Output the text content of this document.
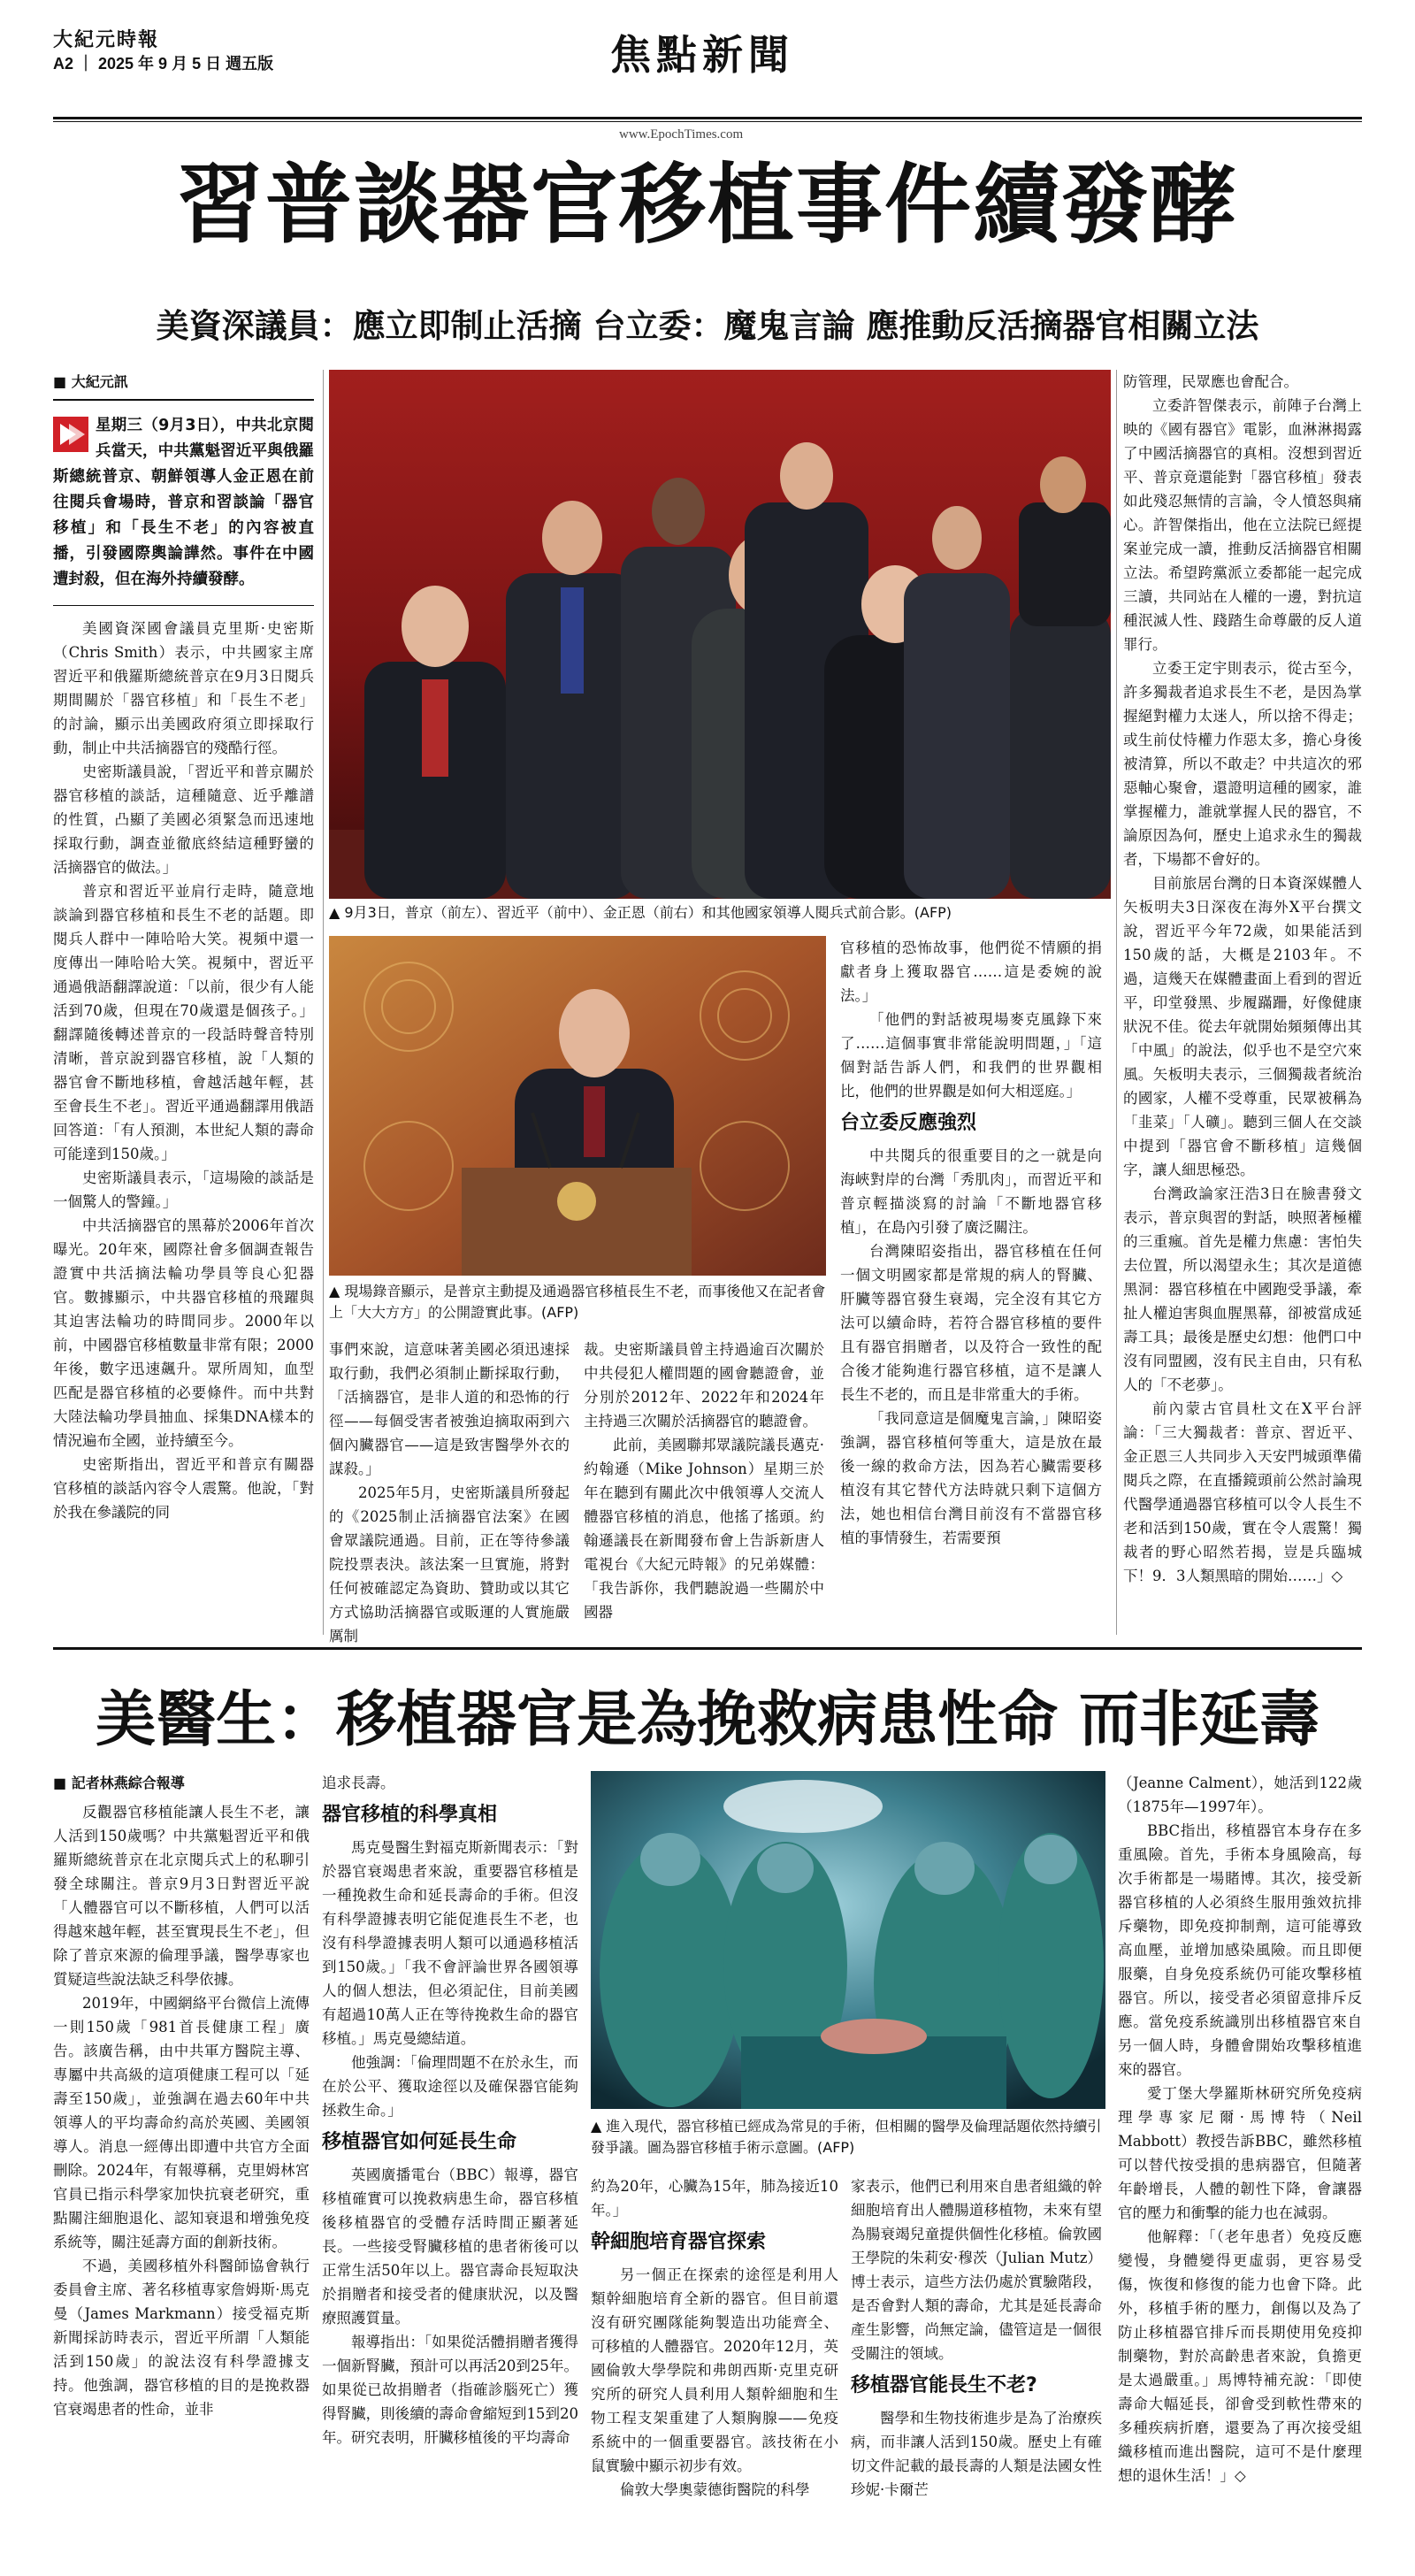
大紀元時報
A2 ｜ 2025 年 9 月 5 日 週五版	焦點新聞
www.EpochTimes.com
習普談器官移植事件續發酵
美資深議員：應立即制止活摘 台立委：魔鬼言論 應推動反活摘器官相關立法
■ 大紀元訊
星期三（9月3日），中共北京閱兵當天，中共黨魁習近平與俄羅斯總統普京、朝鮮領導人金正恩在前往閱兵會場時，普京和習談論「器官移植」和「長生不老」的內容被直播，引發國際輿論譁然。事件在中國遭封殺，但在海外持續發酵。

美國資深國會議員克里斯·史密斯（Chris Smith）表示，中共國家主席習近平和俄羅斯總統普京在9月3日閱兵期間關於「器官移植」和「長生不老」的討論，顯示出美國政府須立即採取行動，制止中共活摘器官的殘酷行徑。

史密斯議員說，「習近平和普京關於器官移植的談話，這種隨意、近乎離譜的性質，凸顯了美國必須緊急而迅速地採取行動，調查並徹底終結這種野蠻的活摘器官的做法。」

普京和習近平並肩行走時，隨意地談論到器官移植和長生不老的話題。即閱兵人群中一陣哈哈大笑。視頻中還一度傳出一陣哈哈大笑。視頻中，習近平通過俄語翻譯說道：「以前，很少有人能活到70歲，但現在70歲還是個孩子。」翻譯隨後轉述普京的一段話時聲音特別清晰，普京說到器官移植，說「人類的器官會不斷地移植，會越活越年輕，甚至會長生不老」。習近平通過翻譯用俄語回答道：「有人預測，本世紀人類的壽命可能達到150歲。」

史密斯議員表示，「這場險的談話是一個驚人的警鐘。」

中共活摘器官的黑幕於2006年首次曝光。20年來，國際社會多個調查報告證實中共活摘法輪功學員等良心犯器官。數據顯示，中共器官移植的飛躍與其迫害法輪功的時間同步。2000年以前，中國器官移植數量非常有限；2000年後，數字迅速飆升。眾所周知，血型匹配是器官移植的必要條件。而中共對大陸法輪功學員抽血、採集DNA樣本的情況遍布全國，並持續至今。

史密斯指出，習近平和普京有關器官移植的談話內容令人震驚。他說，「對於我在參議院的同

▲ 9月3日，普京（前左）、習近平（前中）、金正恩（前右）和其他國家領導人閱兵式前合影。(AFP)
▲ 現場錄音顯示，是普京主動提及通過器官移植長生不老，而事後他又在記者會上「大大方方」的公開證實此事。(AFP)

事們來說，這意味著美國必須迅速採取行動，我們必須制止斷採取行動，「活摘器官，是非人道的和恐怖的行徑——每個受害者被強迫摘取兩到六個內臟器官——這是致害醫學外衣的謀殺。」

2025年5月，史密斯議員所發起的《2025制止活摘器官法案》在國會眾議院通過。目前，正在等待參議院投票表決。該法案一旦實施，將對任何被確認定為資助、贊助或以其它方式協助活摘器官或販運的人實施嚴厲制

裁。史密斯議員曾主持過逾百次關於中共侵犯人權問題的國會聽證會，並分別於2012年、2022年和2024年主持過三次關於活摘器官的聽證會。

此前，美國聯邦眾議院議長邁克·約翰遜（Mike Johnson）星期三於年在聽到有關此次中俄領導人交流人體器官移植的消息，他搖了搖頭。約翰遜議長在新聞發布會上告訴新唐人電視台《大紀元時報》的兄弟媒體：「我告訴你，我們聽說過一些關於中國器

官移植的恐怖故事，他們從不情願的捐獻者身上獲取器官……這是委婉的說法。」

「他們的對話被現場麥克風錄下來了……這個事實非常能說明問題，」「這個對話告訴人們，和我們的世界觀相比，他們的世界觀是如何大相逕庭。」

台立委反應強烈

中共閱兵的很重要目的之一就是向海峽對岸的台灣「秀肌肉」，而習近平和普京輕描淡寫的討論「不斷地器官移植」，在島內引發了廣泛關注。

台灣陳昭姿指出，器官移植在任何一個文明國家都是常規的病人的腎臟、肝臟等器官發生衰竭，完全沒有其它方法可以續命時，若符合器官移植的要件且有器官捐贈者，以及符合一致性的配合後才能夠進行器官移植，這不是讓人長生不老的，而且是非常重大的手術。

「我同意這是個魔鬼言論，」陳昭姿強調，器官移植何等重大，這是放在最後一線的救命方法，因為若心臟需要移植沒有其它替代方法時就只剩下這個方法，她也相信台灣目前沒有不當器官移植的事情發生，若需要預

防管理，民眾應也會配合。

立委許智傑表示，前陣子台灣上映的《國有器官》電影，血淋淋揭露了中國活摘器官的真相。沒想到習近平、普京竟還能對「器官移植」發表如此殘忍無情的言論，令人憤怒與痛心。許智傑指出，他在立法院已經提案並完成一讀，推動反活摘器官相關立法。希望跨黨派立委都能一起完成三讀，共同站在人權的一邊，對抗這種泯滅人性、踐踏生命尊嚴的反人道罪行。

立委王定宇則表示，從古至今，許多獨裁者追求長生不老，是因為掌握絕對權力太迷人，所以捨不得走；或生前仗恃權力作惡太多，擔心身後被清算，所以不敢走？中共這次的邪惡軸心聚會，還證明這種的國家，誰掌握權力，誰就掌握人民的器官，不論原因為何，歷史上追求永生的獨裁者，下場都不會好的。

目前旅居台灣的日本資深媒體人矢板明夫3日深夜在海外X平台撰文說，習近平今年72歲，如果能活到150歲的話，大概是2103年。不過，這幾天在媒體畫面上看到的習近平，印堂發黑、步履蹣跚，好像健康狀況不佳。從去年就開始頻頻傳出其「中風」的說法，似乎也不是空穴來風。矢板明夫表示，三個獨裁者統治的國家，人權不受尊重，民眾被稱為「韭菜」「人礦」。聽到三個人在交談中提到「器官會不斷移植」這幾個字，讓人細思極恐。

台灣政論家汪浩3日在臉書發文表示，普京與習的對話，映照著極權的三重瘋。首先是權力焦慮：害怕失去位置，所以渴望永生；其次是道德黑洞：器官移植在中國跑受爭議，牽扯人權迫害與血腥黑幕，卻被當成延壽工具；最後是歷史幻想：他們口中沒有同盟國，沒有民主自由，只有私人的「不老夢」。

前內蒙古官員杜文在X平台評論：「三大獨裁者：普京、習近平、金正恩三人共同步入天安門城頭準備閱兵之際，在直播鏡頭前公然討論現代醫學通過器官移植可以令人長生不老和活到150歲，實在令人震驚！獨裁者的野心昭然若揭，豈是兵臨城下！9．3人類黑暗的開始……」◇

美醫生：移植器官是為挽救病患性命 而非延壽
■ 記者林燕綜合報導

反觀器官移植能讓人長生不老，讓人活到150歲嗎？中共黨魁習近平和俄羅斯總統普京在北京閱兵式上的私聊引發全球關注。普京9月3日對習近平說「人體器官可以不斷移植，人們可以活得越來越年輕，甚至實現長生不老」，但除了普京來源的倫理爭議，醫學專家也質疑這些說法缺乏科學依據。

2019年，中國網絡平台微信上流傳一則150歲「981首長健康工程」廣告。該廣告稱，由中共軍方醫院主導、專屬中共高級的這項健康工程可以「延壽至150歲」，並強調在過去60年中共領導人的平均壽命約高於英國、美國領導人。消息一經傳出即遭中共官方全面刪除。2024年，有報導稱，克里姆林宮官員已指示科學家加快抗衰老研究，重點關注細胞退化、認知衰退和增強免疫系統等，關注延壽方面的創新技術。

不過，美國移植外科醫師協會執行委員會主席、著名移植專家詹姆斯·馬克曼（James Markmann）接受福克斯新聞採訪時表示，習近平所謂「人類能活到150歲」的說法沒有科學證據支持。他強調，器官移植的目的是挽救器官衰竭患者的性命，並非

追求長壽。

器官移植的科學真相

馬克曼醫生對福克斯新聞表示：「對於器官衰竭患者來說，重要器官移植是一種挽救生命和延長壽命的手術。但沒有科學證據表明它能促進長生不老，也沒有科學證據表明人類可以通過移植活到150歲。」「我不會評論世界各國領導人的個人想法，但必須記住，目前美國有超過10萬人正在等待挽救生命的器官移植。」馬克曼總結道。

他強調：「倫理問題不在於永生，而在於公平、獲取途徑以及確保器官能夠拯救生命。」

移植器官如何延長生命

英國廣播電台（BBC）報導，器官移植確實可以挽救病患生命，器官移植後移植器官的受體存活時間正顯著延長。一些接受腎臟移植的患者術後可以正常生活50年以上。器官壽命長短取決於捐贈者和接受者的健康狀況，以及醫療照護質量。

報導指出：「如果從活體捐贈者獲得一個新腎臟，預計可以再活20到25年。如果從已故捐贈者（指確診腦死亡）獲得腎臟，則後續的壽命會縮短到15到20年。研究表明，肝臟移植後的平均壽命

▲ 進入現代，器官移植已經成為常見的手術，但相關的醫學及倫理話題依然持續引發爭議。圖為器官移植手術示意圖。(AFP)

約為20年，心臟為15年，肺為接近10年。」

幹細胞培育器官探索

另一個正在探索的途徑是利用人類幹細胞培育全新的器官。但目前還沒有研究團隊能夠製造出功能齊全、可移植的人體器官。2020年12月，英國倫敦大學學院和弗朗西斯·克里克研究所的研究人員利用人類幹細胞和生物工程支架重建了人類胸腺——免疫系統中的一個重要器官。該技術在小鼠實驗中顯示初步有效。

倫敦大學奧蒙德街醫院的科學

家表示，他們已利用來自患者組織的幹細胞培育出人體腸道移植物，未來有望為腸衰竭兒童提供個性化移植。倫敦國王學院的朱莉安·穆茨（Julian Mutz）博士表示，這些方法仍處於實驗階段，是否會對人類的壽命，尤其是延長壽命產生影響，尚無定論，儘管這是一個很受關注的領域。

移植器官能長生不老?

醫學和生物技術進步是為了治療疾病，而非讓人活到150歲。歷史上有確切文件記載的最長壽的人類是法國女性珍妮·卡爾芒

（Jeanne Calment），她活到122歲（1875年—1997年）。

BBC指出，移植器官本身存在多重風險。首先，手術本身風險高，每次手術都是一場賭博。其次，接受新器官移植的人必須終生服用強效抗排斥藥物，即免疫抑制劑，這可能導致高血壓，並增加感染風險。而且即便服藥，自身免疫系統仍可能攻擊移植器官。所以，接受者必須留意排斥反應。當免疫系統識別出移植器官來自另一個人時，身體會開始攻擊移植進來的器官。

愛丁堡大學羅斯林研究所免疫病理學專家尼爾·馬博特（Neil Mabbott）教授告訴BBC，雖然移植可以替代按受損的患病器官，但隨著年齡增長，人體的韌性下降，會讓器官的壓力和衝擊的能力也在減弱。

他解釋：「（老年患者）免疫反應變慢，身體變得更虛弱，更容易受傷，恢復和修復的能力也會下降。此外，移植手術的壓力，創傷以及為了防止移植器官排斥而長期使用免疫抑制藥物，對於高齡患者來說，負擔更是太過嚴重。」馬博特補充說：「即使壽命大幅延長，卻會受到軟性帶來的多種疾病折磨，還要為了再次接受組織移植而進出醫院，這可不是什麼理想的退休生活！」◇
